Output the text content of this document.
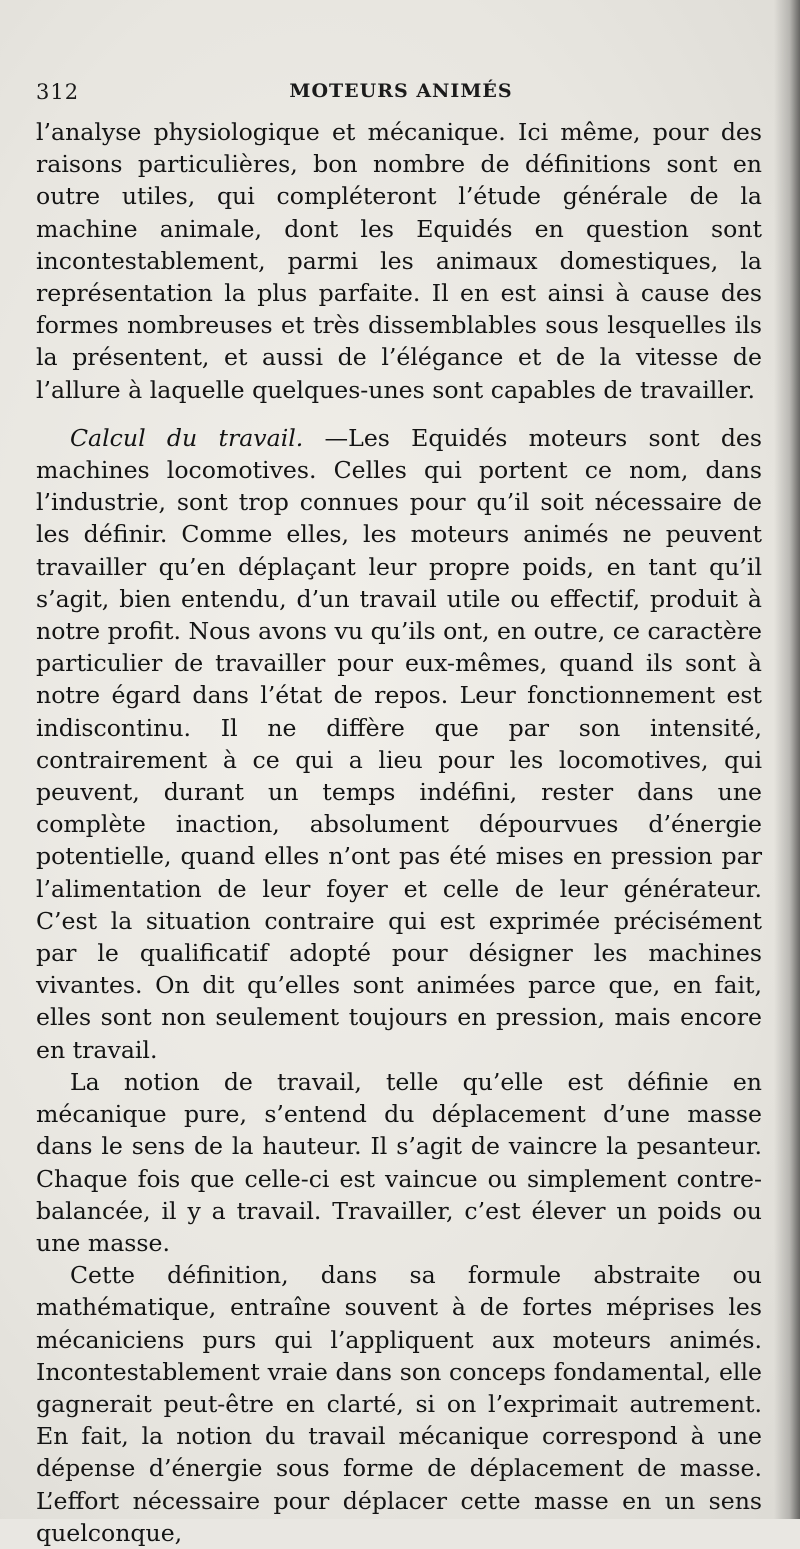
312	MOTEURS ANIMÉS

l’analyse physiologique et mécanique. Ici même, pour des raisons particulières, bon nombre de définitions sont en outre utiles, qui compléteront l’étude générale de la machine animale, dont les Equidés en question sont incontestablement, parmi les animaux domestiques, la représentation la plus parfaite. Il en est ainsi à cause des formes nombreuses et très dissemblables sous lesquelles ils la présentent, et aussi de l’élégance et de la vitesse de l’allure à laquelle quelques-unes sont capables de travailler.

Calcul du travail. —Les Equidés moteurs sont des machines locomotives. Celles qui portent ce nom, dans l’industrie, sont trop connues pour qu’il soit nécessaire de les définir. Comme elles, les moteurs animés ne peuvent travailler qu’en déplaçant leur propre poids, en tant qu’il s’agit, bien entendu, d’un travail utile ou effectif, produit à notre profit. Nous avons vu qu’ils ont, en outre, ce caractère particulier de travailler pour eux-mêmes, quand ils sont à notre égard dans l’état de repos. Leur fonctionnement est indiscontinu. Il ne diffère que par son intensité, contrairement à ce qui a lieu pour les locomotives, qui peuvent, durant un temps indéfini, rester dans une complète inaction, absolument dépourvues d’énergie potentielle, quand elles n’ont pas été mises en pression par l’alimentation de leur foyer et celle de leur générateur. C’est la situation contraire qui est exprimée précisément par le qualificatif adopté pour désigner les machines vivantes. On dit qu’elles sont animées parce que, en fait, elles sont non seulement toujours en pression, mais encore en travail.

La notion de travail, telle qu’elle est définie en mécanique pure, s’entend du déplacement d’une masse dans le sens de la hauteur. Il s’agit de vaincre la pesanteur. Chaque fois que celle-ci est vaincue ou simplement contre-balancée, il y a travail. Travailler, c’est élever un poids ou une masse.

Cette définition, dans sa formule abstraite ou mathématique, entraîne souvent à de fortes méprises les mécaniciens purs qui l’appliquent aux moteurs animés. Incontestablement vraie dans son conceps fondamental, elle gagnerait peut-être en clarté, si on l’exprimait autrement. En fait, la notion du travail mécanique correspond à une dépense d’énergie sous forme de déplacement de masse. L’effort nécessaire pour déplacer cette masse en un sens quelconque,
